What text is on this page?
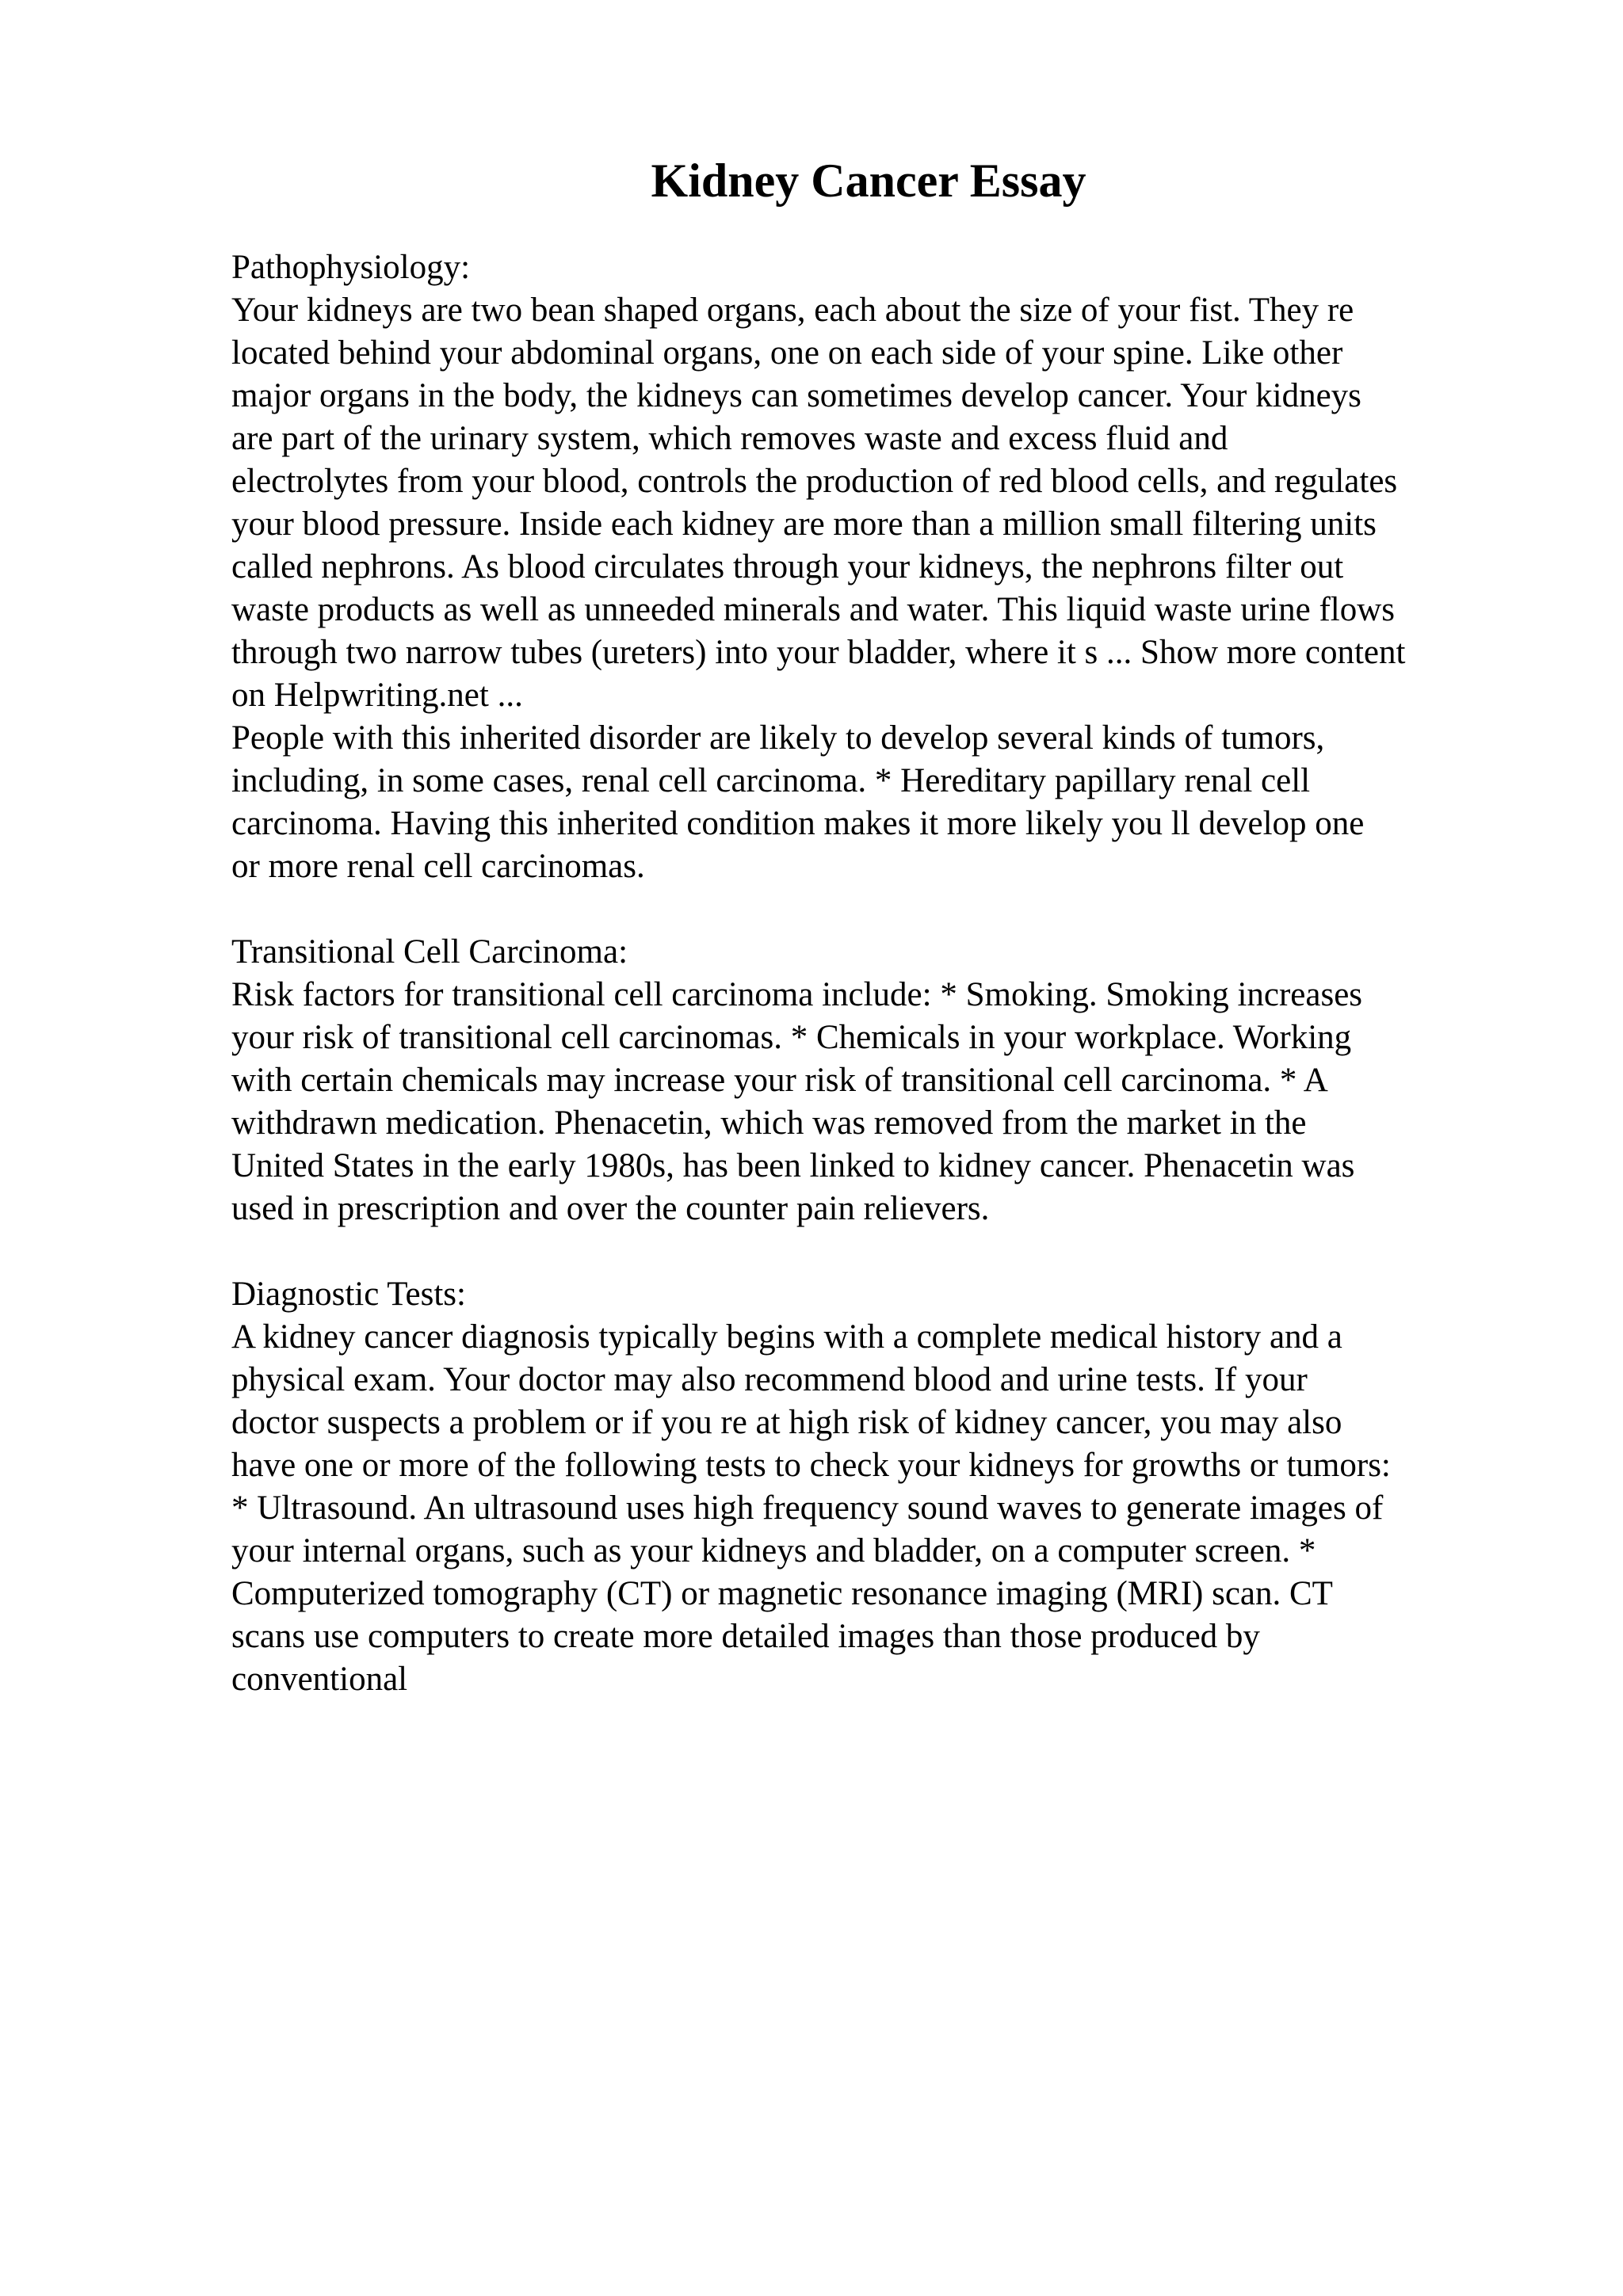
Kidney Cancer Essay
Pathophysiology:
Your kidneys are two bean shaped organs, each about the size of your fist. They re
located behind your abdominal organs, one on each side of your spine. Like other
major organs in the body, the kidneys can sometimes develop cancer. Your kidneys
are part of the urinary system, which removes waste and excess fluid and
electrolytes from your blood, controls the production of red blood cells, and regulates
your blood pressure. Inside each kidney are more than a million small filtering units
called nephrons. As blood circulates through your kidneys, the nephrons filter out
waste products as well as unneeded minerals and water. This liquid waste urine flows
through two narrow tubes (ureters) into your bladder, where it s ... Show more content
on Helpwriting.net ...
People with this inherited disorder are likely to develop several kinds of tumors,
including, in some cases, renal cell carcinoma. * Hereditary papillary renal cell
carcinoma. Having this inherited condition makes it more likely you ll develop one
or more renal cell carcinomas.
Transitional Cell Carcinoma:
Risk factors for transitional cell carcinoma include: * Smoking. Smoking increases
your risk of transitional cell carcinomas. * Chemicals in your workplace. Working
with certain chemicals may increase your risk of transitional cell carcinoma. * A
withdrawn medication. Phenacetin, which was removed from the market in the
United States in the early 1980s, has been linked to kidney cancer. Phenacetin was
used in prescription and over the counter pain relievers.
Diagnostic Tests:
A kidney cancer diagnosis typically begins with a complete medical history and a
physical exam. Your doctor may also recommend blood and urine tests. If your
doctor suspects a problem or if you re at high risk of kidney cancer, you may also
have one or more of the following tests to check your kidneys for growths or tumors:
* Ultrasound. An ultrasound uses high frequency sound waves to generate images of
your internal organs, such as your kidneys and bladder, on a computer screen. *
Computerized tomography (CT) or magnetic resonance imaging (MRI) scan. CT
scans use computers to create more detailed images than those produced by
conventional
